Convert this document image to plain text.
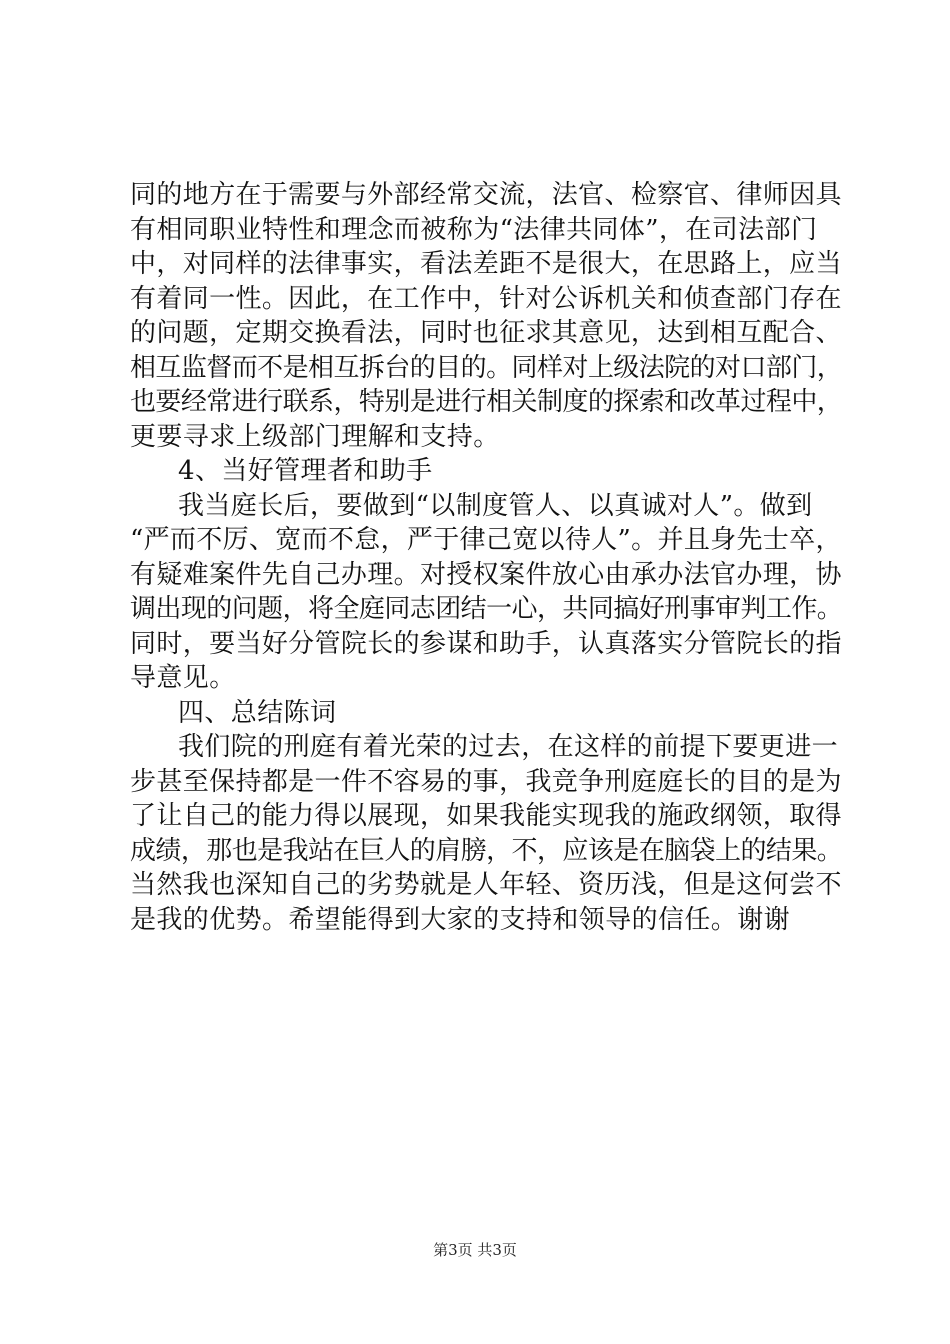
同的地方在于需要与外部经常交流，法官、检察官、律师因具
有相同职业特性和理念而被称为“法律共同体”，在司法部门
中，对同样的法律事实，看法差距不是很大，在思路上，应当
有着同一性。因此，在工作中，针对公诉机关和侦查部门存在
的问题，定期交换看法，同时也征求其意见，达到相互配合、
相互监督而不是相互拆台的目的。同样对上级法院的对口部门，
也要经常进行联系，特别是进行相关制度的探索和改革过程中，
更要寻求上级部门理解和支持。
4、当好管理者和助手
我当庭长后，要做到“以制度管人、以真诚对人”。做到
“严而不厉、宽而不怠，严于律己宽以待人”。并且身先士卒，
有疑难案件先自己办理。对授权案件放心由承办法官办理，协
调出现的问题，将全庭同志团结一心，共同搞好刑事审判工作。
同时，要当好分管院长的参谋和助手，认真落实分管院长的指
导意见。
四、总结陈词
我们院的刑庭有着光荣的过去，在这样的前提下要更进一
步甚至保持都是一件不容易的事，我竞争刑庭庭长的目的是为
了让自己的能力得以展现，如果我能实现我的施政纲领，取得
成绩，那也是我站在巨人的肩膀，不，应该是在脑袋上的结果。
当然我也深知自己的劣势就是人年轻、资历浅，但是这何尝不
是我的优势。希望能得到大家的支持和领导的信任。谢谢
第3页 共3页
